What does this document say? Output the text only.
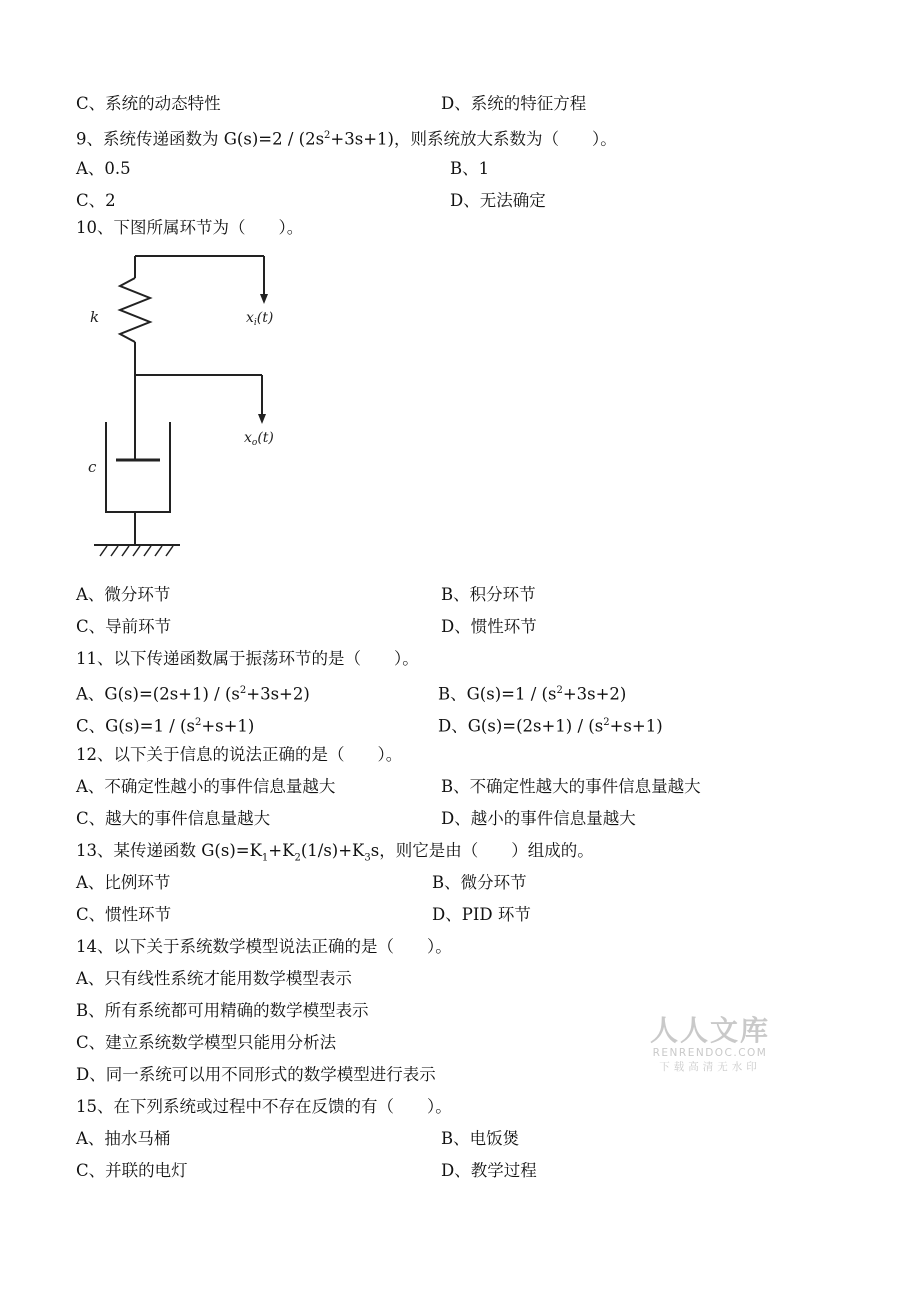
C、系统的动态特性	D、系统的特征方程
9、系统传递函数为 $G(s)=2 / (2s^2+3s+1)$，则系统放大系数为（　　）。
A、0.5	B、1
C、2	D、无法确定
10、下图所属环节为（　　）。
k
c
$x_i(t)$
$x_o(t)$
A、微分环节	B、积分环节
C、导前环节	D、惯性环节
11、以下传递函数属于振荡环节的是（　　）。
A、$G(s)=(2s+1) / (s^2+3s+2)$	B、$G(s)=1 / (s^2+3s+2)$
C、$G(s)=1 / (s^2+s+1)$	D、$G(s)=(2s+1) / (s^2+s+1)$
12、以下关于信息的说法正确的是（　　）。
A、不确定性越小的事件信息量越大	B、不确定性越大的事件信息量越大
C、越大的事件信息量越大	D、越小的事件信息量越大
13、某传递函数 $G(s)=K_1+K_2(1/s)+K_3s$，则它是由（　　）组成的。
A、比例环节	B、微分环节
C、惯性环节	D、PID 环节
14、以下关于系统数学模型说法正确的是（　　）。
A、只有线性系统才能用数学模型表示
B、所有系统都可用精确的数学模型表示
C、建立系统数学模型只能用分析法
D、同一系统可以用不同形式的数学模型进行表示
15、在下列系统或过程中不存在反馈的有（　　）。
A、抽水马桶	B、电饭煲
C、并联的电灯	D、教学过程
人人文库
RENRENDOC.COM
下载高清无水印
